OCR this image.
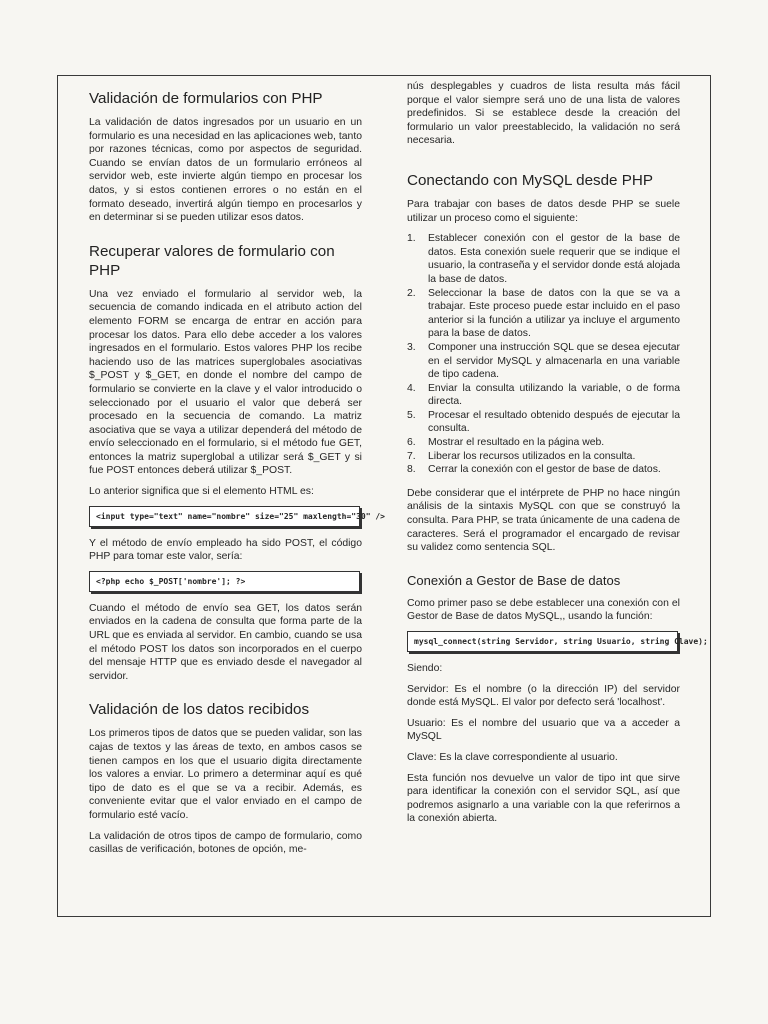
Validación de formularios con PHP

La validación de datos ingresados por un usuario en un formulario es una necesidad en las aplicaciones web, tanto por razones técnicas, como por aspectos de seguridad. Cuando se envían datos de un formulario erróneos al servidor web, este invierte algún tiempo en procesar los datos, y si estos contienen errores o no están en el formato deseado, invertirá algún tiempo en procesarlos y en determinar si se pueden utilizar esos datos.

Recuperar valores de formulario con PHP

Una vez enviado el formulario al servidor web, la secuencia de comando indicada en el atributo action del elemento FORM se encarga de entrar en acción para procesar los datos. Para ello debe acceder a los valores ingresados en el formulario. Estos valores PHP los recibe haciendo uso de las matrices superglobales asociativas $_POST y $_GET, en donde el nombre del campo de formulario se convierte en la clave y el valor introducido o seleccionado por el usuario el valor que deberá ser procesado en la secuencia de comando. La matriz asociativa que se vaya a utilizar dependerá del método de envío seleccionado en el formulario, si el método fue GET, entonces la matriz superglobal a utilizar será $_GET y si fue POST entonces deberá utilizar $_POST.

Lo anterior significa que si el elemento HTML es:

<input type="text" name="nombre" size="25" maxlength="30" />

Y el método de envío empleado ha sido POST, el código PHP para tomar este valor, sería:

<?php echo $_POST['nombre']; ?>

Cuando el método de envío sea GET, los datos serán enviados en la cadena de consulta que forma parte de la URL que es enviada al servidor. En cambio, cuando se usa el método POST los datos son incorporados en el cuerpo del mensaje HTTP que es enviado desde el navegador al servidor.

Validación de los datos recibidos

Los primeros tipos de datos que se pueden validar, son las cajas de textos y las áreas de texto, en ambos casos se tienen campos en los que el usuario digita directamente los valores a enviar. Lo primero a determinar aquí es qué tipo de dato es el que se va a recibir. Además, es conveniente evitar que el valor enviado en el campo de formulario esté vacío.

La validación de otros tipos de campo de formulario, como casillas de verificación, botones de opción, me-

nús desplegables y cuadros de lista resulta más fácil porque el valor siempre será uno de una lista de valores predefinidos. Si se establece desde la creación del formulario un valor preestablecido, la validación no será necesaria.

Conectando con MySQL desde PHP

Para trabajar con bases de datos desde PHP se suele utilizar un proceso como el siguiente:

1. Establecer conexión con el gestor de la base de datos. Esta conexión suele requerir que se indique el usuario, la contraseña y el servidor donde está alojada la base de datos.
2. Seleccionar la base de datos con la que se va a trabajar. Este proceso puede estar incluido en el paso anterior si la función a utilizar ya incluye el argumento para la base de datos.
3. Componer una instrucción SQL que se desea ejecutar en el servidor MySQL y almacenarla en una variable de tipo cadena.
4. Enviar la consulta utilizando la variable, o de forma directa.
5. Procesar el resultado obtenido después de ejecutar la consulta.
6. Mostrar el resultado en la página web.
7. Liberar los recursos utilizados en la consulta.
8. Cerrar la conexión con el gestor de base de datos.

Debe considerar que el intérprete de PHP no hace ningún análisis de la sintaxis MySQL con que se construyó la consulta. Para PHP, se trata únicamente de una cadena de caracteres. Será el programador el encargado de revisar su validez como sentencia SQL.

Conexión a Gestor de Base de datos

Como primer paso se debe establecer una conexión con el Gestor de Base de datos MySQL,, usando la función:

mysql_connect(string Servidor, string Usuario, string Clave);

Siendo:

Servidor: Es el nombre (o la dirección IP) del servidor donde está MySQL. El valor por defecto será 'localhost'.

Usuario: Es el nombre del usuario que va a acceder a MySQL

Clave: Es la clave correspondiente al usuario.

Esta función nos devuelve un valor de tipo int que sirve para identificar la conexión con el servidor SQL, así que podremos asignarlo a una variable con la que referirnos a la conexión abierta.
